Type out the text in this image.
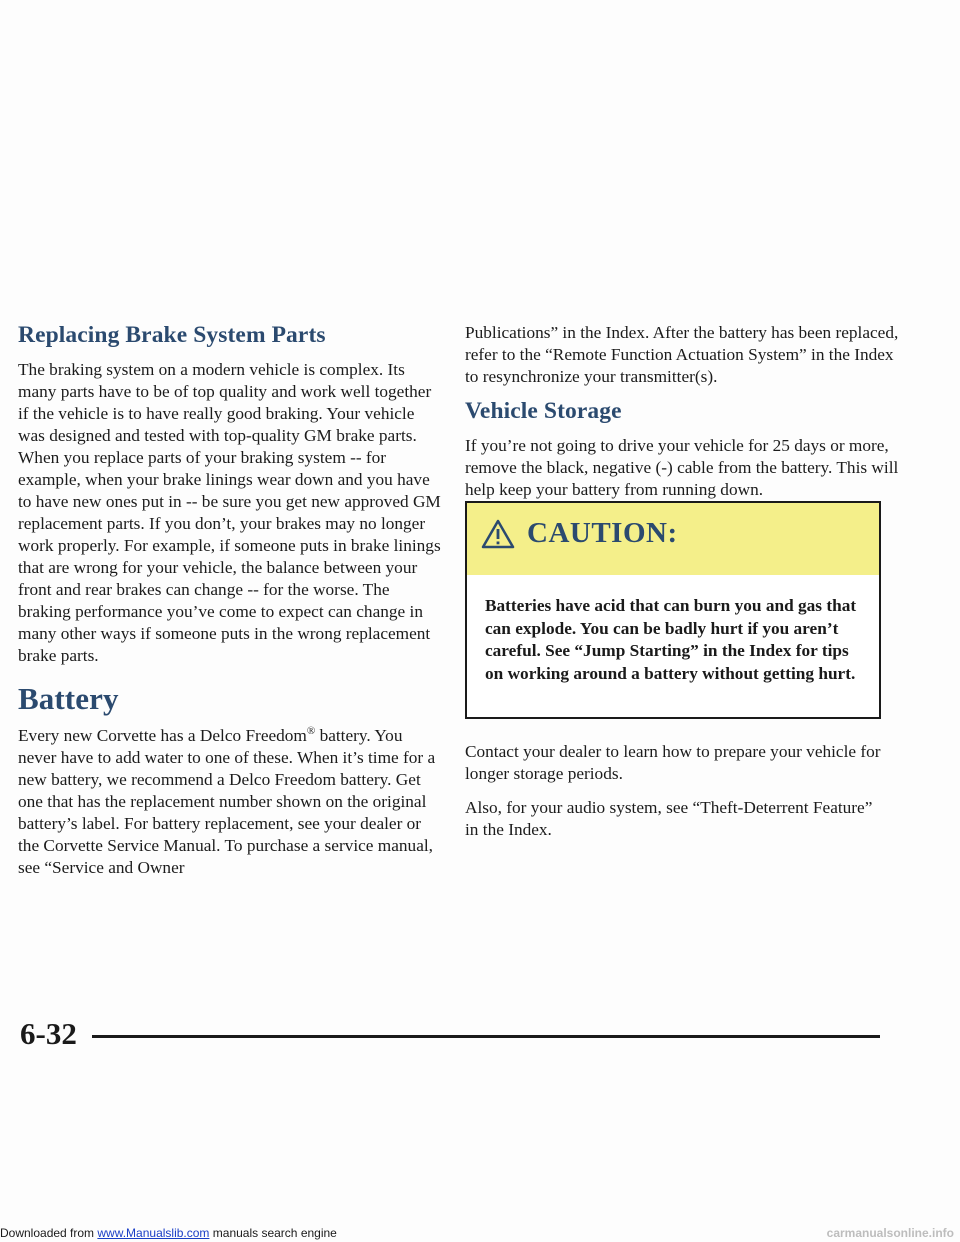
Replacing Brake System Parts

The braking system on a modern vehicle is complex. Its many parts have to be of top quality and work well together if the vehicle is to have really good braking. Your vehicle was designed and tested with top-quality GM brake parts. When you replace parts of your braking system -- for example, when your brake linings wear down and you have to have new ones put in -- be sure you get new approved GM replacement parts. If you don’t, your brakes may no longer work properly. For example, if someone puts in brake linings that are wrong for your vehicle, the balance between your front and rear brakes can change -- for the worse. The braking performance you’ve come to expect can change in many other ways if someone puts in the wrong replacement brake parts.

Battery

Every new Corvette has a Delco Freedom® battery. You never have to add water to one of these. When it’s time for a new battery, we recommend a Delco Freedom battery. Get one that has the replacement number shown on the original battery’s label. For battery replacement, see your dealer or the Corvette Service Manual. To purchase a service manual, see “Service and Owner

Publications” in the Index. After the battery has been replaced, refer to the “Remote Function Actuation System” in the Index to resynchronize your transmitter(s).

Vehicle Storage

If you’re not going to drive your vehicle for 25 days or more, remove the black, negative (-) cable from the battery. This will help keep your battery from running down.

CAUTION:
Batteries have acid that can burn you and gas that can explode. You can be badly hurt if you aren’t careful. See “Jump Starting” in the Index for tips on working around a battery without getting hurt.

Contact your dealer to learn how to prepare your vehicle for longer storage periods.

Also, for your audio system, see “Theft-Deterrent Feature” in the Index.

6-32
Downloaded from www.Manualslib.com manuals search engine	carmanualsonline.info
